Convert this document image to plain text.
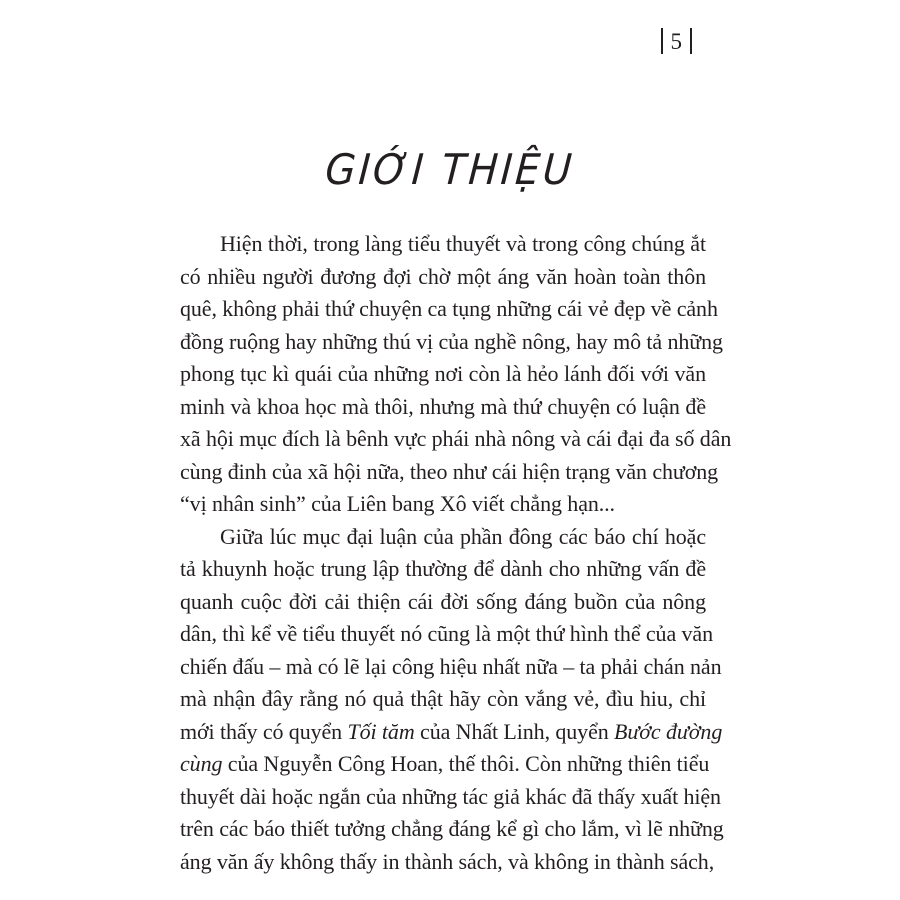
5
GIỚI THIỆU
Hiện thời, trong làng tiểu thuyết và trong công chúng ắt
có nhiều người đương đợi chờ một áng văn hoàn toàn thôn
quê, không phải thứ chuyện ca tụng những cái vẻ đẹp về cảnh
đồng ruộng hay những thú vị của nghề nông, hay mô tả những
phong tục kì quái của những nơi còn là hẻo lánh đối với văn
minh và khoa học mà thôi, nhưng mà thứ chuyện có luận đề
xã hội mục đích là bênh vực phái nhà nông và cái đại đa số dân
cùng đinh của xã hội nữa, theo như cái hiện trạng văn chương
“vị nhân sinh” của Liên bang Xô viết chẳng hạn...
Giữa lúc mục đại luận của phần đông các báo chí hoặc
tả khuynh hoặc trung lập thường để dành cho những vấn đề
quanh cuộc đời cải thiện cái đời sống đáng buồn của nông
dân, thì kể về tiểu thuyết nó cũng là một thứ hình thể của văn
chiến đấu – mà có lẽ lại công hiệu nhất nữa – ta phải chán nản
mà nhận đây rằng nó quả thật hãy còn vắng vẻ, đìu hiu, chỉ
mới thấy có quyển Tối tăm của Nhất Linh, quyển Bước đường
cùng của Nguyễn Công Hoan, thế thôi. Còn những thiên tiểu
thuyết dài hoặc ngắn của những tác giả khác đã thấy xuất hiện
trên các báo thiết tưởng chẳng đáng kể gì cho lắm, vì lẽ những
áng văn ấy không thấy in thành sách, và không in thành sách,
